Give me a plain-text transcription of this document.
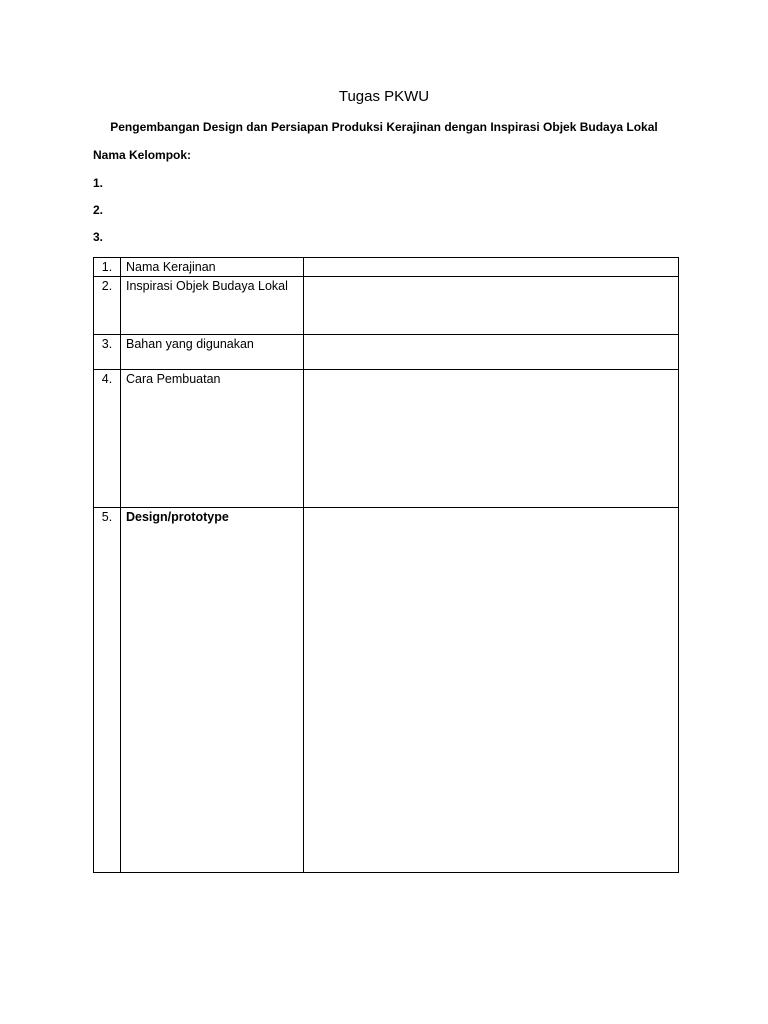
Tugas PKWU
Pengembangan Design dan Persiapan Produksi Kerajinan dengan Inspirasi Objek Budaya Lokal
Nama Kelompok:
1.
2.
3.
1.	Nama Kerajinan	
2.	Inspirasi Objek Budaya Lokal	
3.	Bahan yang digunakan	
4.	Cara Pembuatan	
5.	Design/prototype	
